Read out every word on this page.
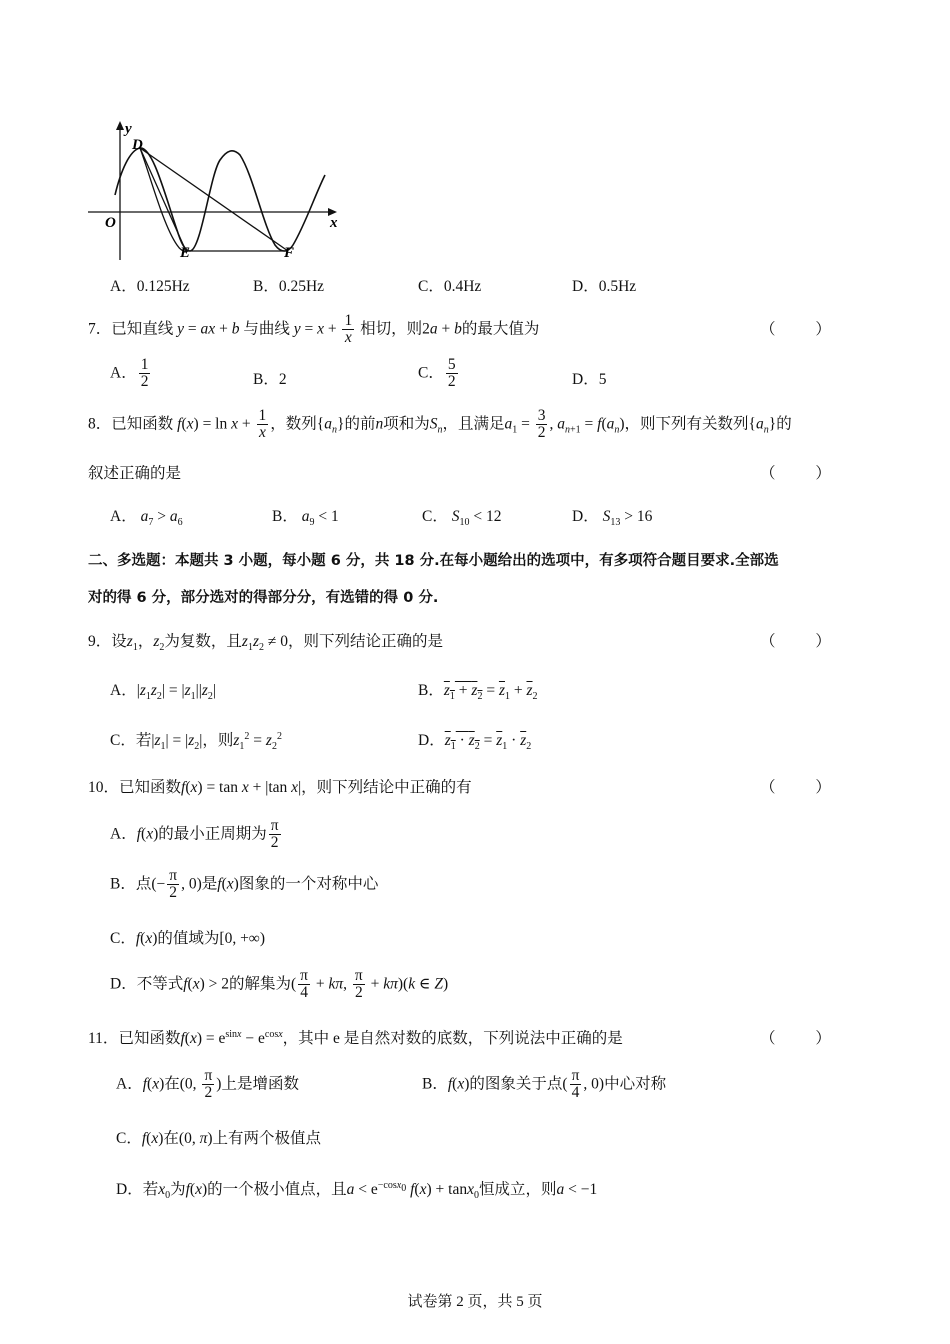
y
x
O
D
E	F
A．0.125Hz	B．0.25Hz	C．0.4Hz	D．0.5Hz
7．已知直线 y = ax + b 与曲线 $y = x + \frac{1}{x}$ 相切，则2a + b的最大值为	（ ）
A． $\frac{1}{2}$	B．2	C． $\frac{5}{2}$	D．5
8．已知函数 $f(x) = \ln x + \frac{1}{x}$ ，数列$\{a_n\}$的前n项和为$S_n$，且满足$a_1 = \frac{3}{2}$ , $a_{n+1} = f(a_n)$，则下列有关数列$\{a_n\}$的
叙述正确的是	（ ）
A． $a_7 > a_6$	B． $a_9 < 1$	C． $S_{10} < 12$	D． $S_{13} > 16$
二、多选题：本题共 3 小题，每小题 6 分，共 18 分.在每小题给出的选项中，有多项符合题目要求.全部选
对的得 6 分，部分选对的得部分分，有选错的得 0 分.
9．设$z_1$，$z_2$为复数，且$z_1z_2 \ne 0$，则下列结论正确的是	（ ）
A．$|z_1z_2| = |z_1||z_2|$	B．$z_1 + z_2 = \overline{z}_1 + \overline{z}_2$
C．若$|z_1| = |z_2|$，则$z_1^2 = z_2^2$	D．$z_1 \cdot z_2 = \overline{z}_1 \cdot \overline{z}_2$
10．已知函数f(x) = tan x + |tan x|，则下列结论中正确的有	（ ）
A．f(x)的最小正周期为 $\frac{\pi}{2}$
B．点(− $\frac{\pi}{2}$ , 0)是f(x)图象的一个对称中心
C．f(x)的值域为[0, +∞)
D．不等式f(x) > 2的解集为( $\frac{\pi}{4} + k\pi$, $\frac{\pi}{2} + k\pi)(k$ ∈ Z)
11．已知函数$f(x) = e^{sinx} - e^{cosx}$，其中 e 是自然对数的底数，下列说法中正确的是	（ ）
A．f(x)在(0, $\frac{\pi}{2}$ )上是增函数	B．f(x)的图象关于点( $\frac{\pi}{4}$ , 0)中心对称
C．f(x)在(0, π)上有两个极值点
D．若$x_0$为f(x)的一个极小值点，且$a < e^{-cosx_0}$ f(x) + tanx$_0$恒成立，则a < −1
试卷第 2 页，共 5 页
